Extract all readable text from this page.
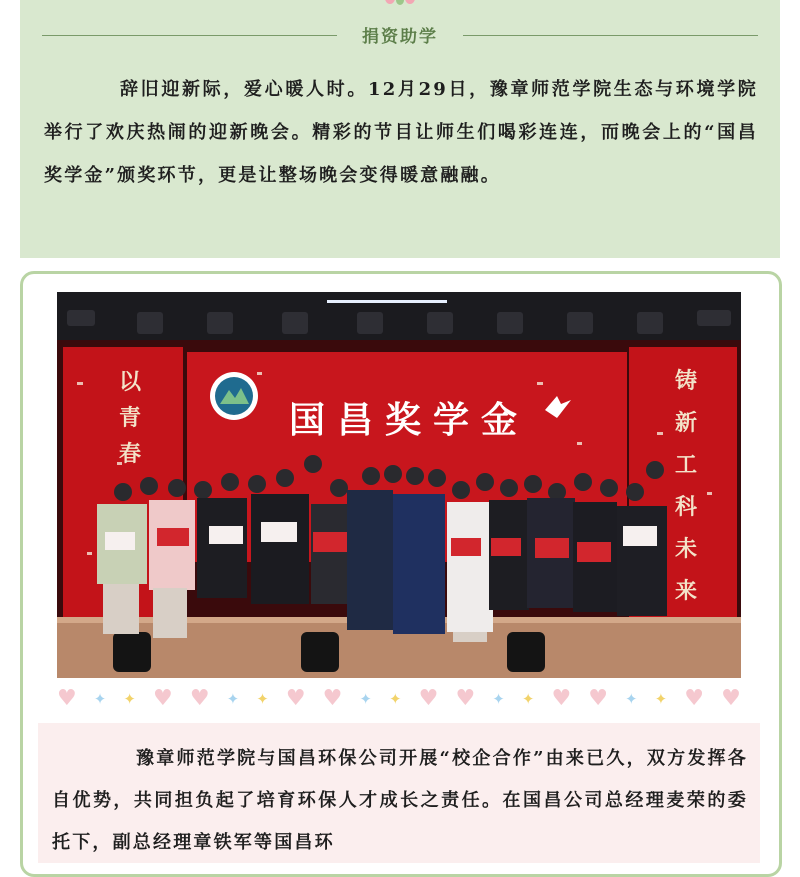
捐资助学
辞旧迎新际，爱心暖人时。12月29日，豫章师范学院生态与环境学院举行了欢庆热闹的迎新晚会。精彩的节目让师生们喝彩连连，而晚会上的“国昌奖学金”颁奖环节，更是让整场晚会变得暖意融融。
国昌奖学金
以
青
春
铸
新
工
科
未
来
♥ ✦ ✦ ♥ ♥ ✦ ✦ ♥ ♥ ✦ ✦ ♥ ♥ ✦ ✦ ♥ ♥ ✦ ✦ ♥ ♥
豫章师范学院与国昌环保公司开展“校企合作”由来已久，双方发挥各自优势，共同担负起了培育环保人才成长之责任。在国昌公司总经理麦荣的委托下，副总经理章铁军等国昌环
